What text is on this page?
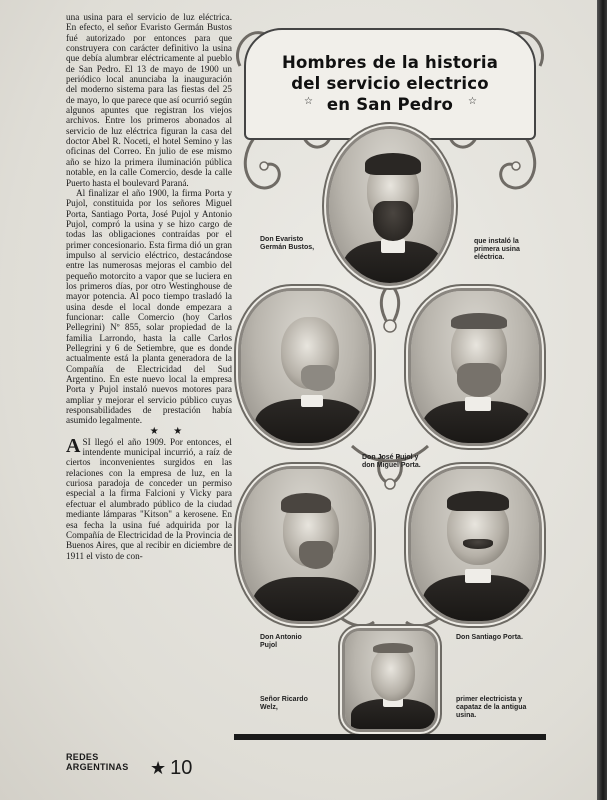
una usina para el servicio de luz eléctrica. En efecto, el señor Evaristo Germán Bustos fué autorizado por entonces para que construyera con carácter definitivo la usina que debía alumbrar eléctricamente al pueblo de San Pedro. El 13 de mayo de 1900 un periódico local anunciaba la inauguración del moderno sistema para las fiestas del 25 de mayo, lo que parece que así ocurrió según algunos apuntes que registran los viejos archivos. Entre los primeros abonados al servicio de luz eléctrica figuran la casa del doctor Abel R. Noceti, el hotel Semino y las oficinas del Correo. En julio de ese mismo año se hizo la primera iluminación pública notable, en la calle Comercio, desde la calle Puerto hasta el boulevard Paraná.

Al finalizar el año 1900, la firma Porta y Pujol, constituida por los señores Miguel Porta, Santiago Porta, José Pujol y Antonio Pujol, compró la usina y se hizo cargo de todas las obligaciones contraídas por el primer concesionario. Esta firma dió un gran impulso al servicio eléctrico, destacándose entre las numerosas mejoras el cambio del pequeño motorcito a vapor que se luciera en los primeros días, por otro Westinghouse de mayor potencia. Al poco tiempo trasladó la usina desde el local donde empezara a funcionar: calle Comercio (hoy Carlos Pellegrini) Nº 855, solar propiedad de la familia Larrondo, hasta la calle Carlos Pellegrini y 6 de Setiembre, que es donde actualmente está la planta generadora de la Compañía de Electricidad del Sud Argentino. En este nuevo local la empresa Porta y Pujol instaló nuevos motores para ampliar y mejorar el servicio público cuyas responsabilidades de prestación había asumido legalmente.

★ ★

ASI llegó el año 1909. Por entonces, el intendente municipal incurrió, a raíz de ciertos inconvenientes surgidos en las relaciones con la empresa de luz, en la curiosa paradoja de conceder un permiso especial a la firma Falcioni y Vicky para efectuar el alumbrado público de la ciudad mediante lámparas "Kitson" a kerosene. En esa fecha la usina fué adquirida por la Compañía de Electricidad de la Provincia de Buenos Aires, que al recibir en diciembre de 1911 el visto de con-

REDES
ARGENTINAS	★ 10
Hombres de la historia
del servicio electrico
en San Pedro
☆	☆
Don Evaristo Germán Bustos,
que instaló la primera usina eléctrica.
Don José Pujol y don Miguel Porta.
Don Antonio Pujol
Don Santiago Porta.
Señor Ricardo Welz,
primer electricista y capataz de la antigua usina.
